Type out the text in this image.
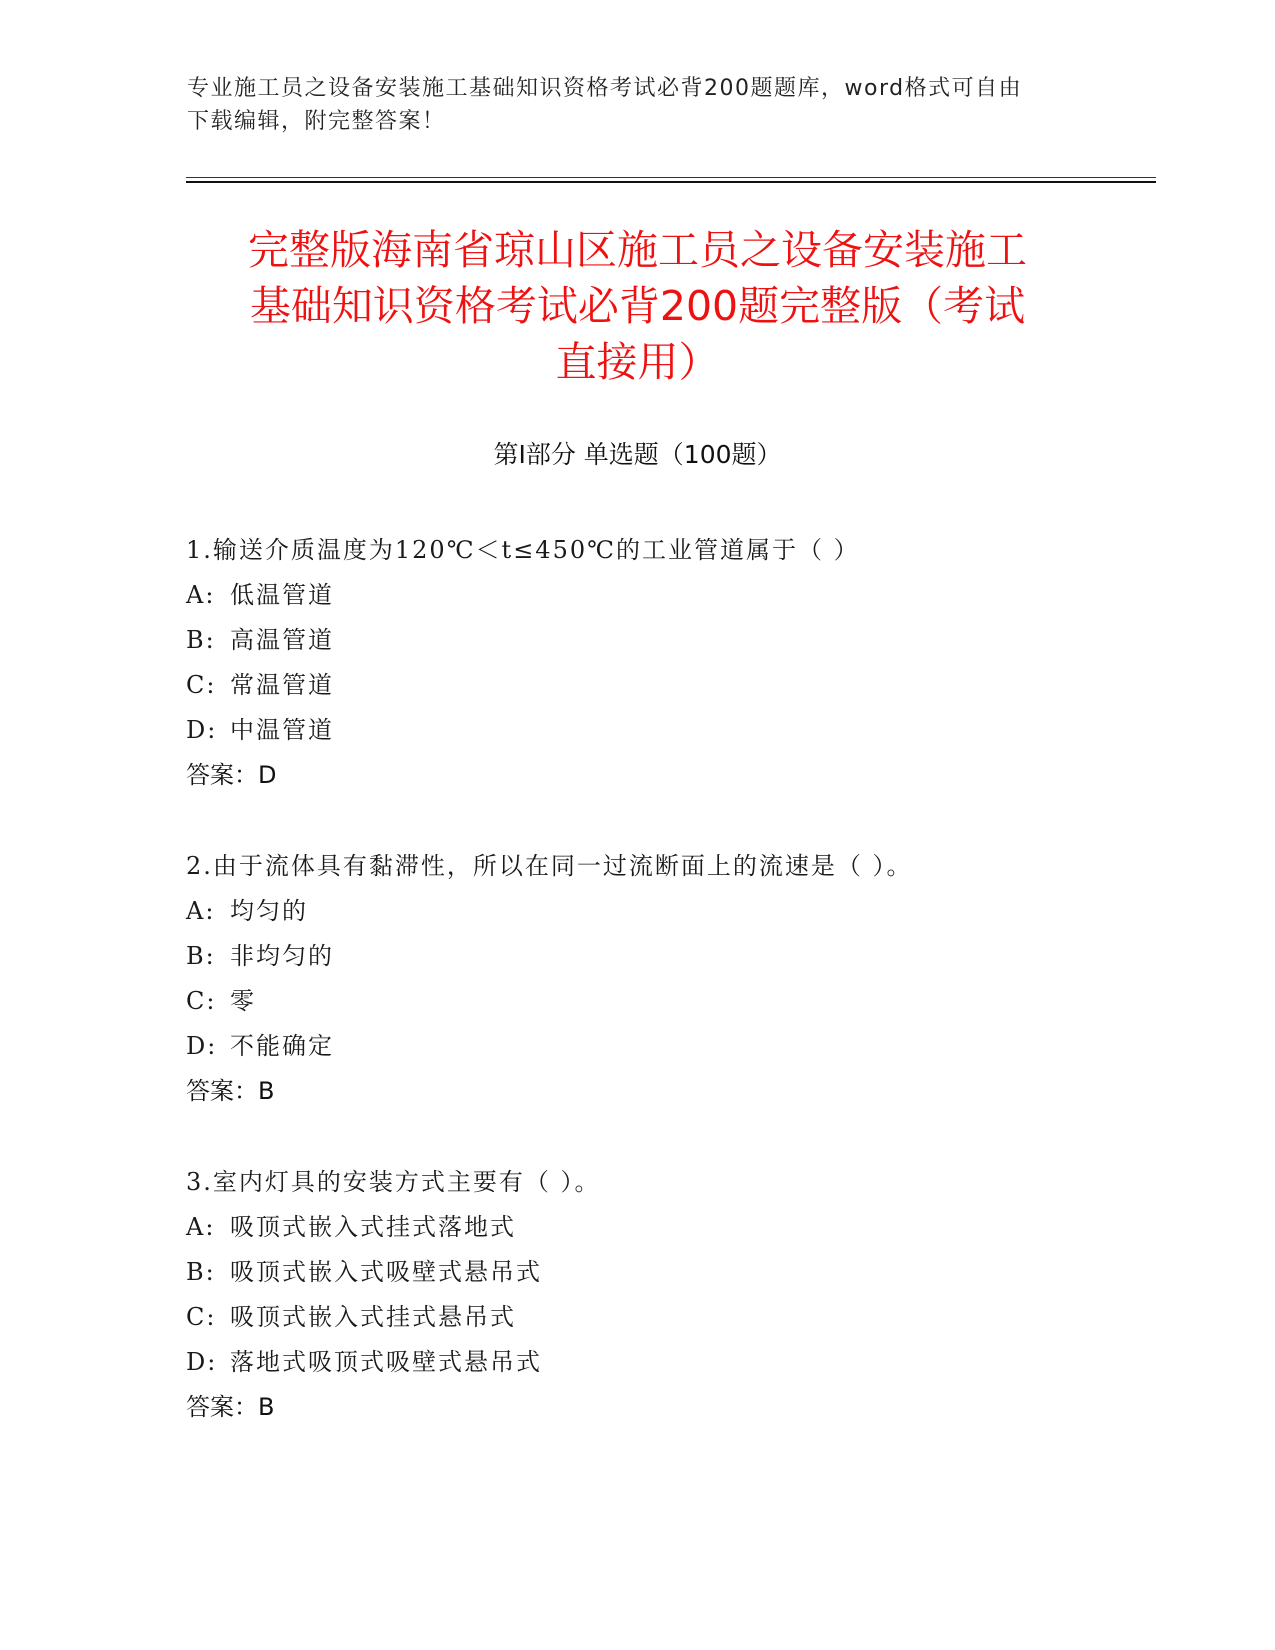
专业施工员之设备安装施工基础知识资格考试必背200题题库，word格式可自由
下载编辑，附完整答案！
完整版海南省琼山区施工员之设备安装施工
基础知识资格考试必背200题完整版（考试
直接用）
第Ⅰ部分 单选题（100题）
1.输送介质温度为120℃＜t≤450℃的工业管道属于（ ）
A: 低温管道
B: 高温管道
C: 常温管道
D: 中温管道
答案：D
2.由于流体具有黏滞性，所以在同一过流断面上的流速是（ ）。
A: 均匀的
B: 非均匀的
C: 零
D: 不能确定
答案：B
3.室内灯具的安装方式主要有（ ）。
A: 吸顶式嵌入式挂式落地式
B: 吸顶式嵌入式吸壁式悬吊式
C: 吸顶式嵌入式挂式悬吊式
D: 落地式吸顶式吸壁式悬吊式
答案：B
